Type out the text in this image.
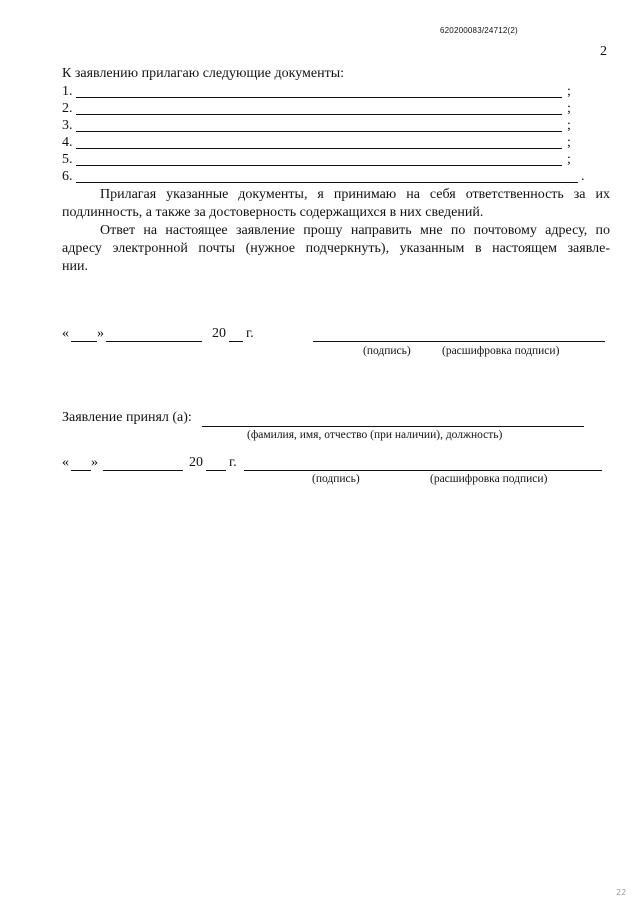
620200083/24712(2)
2
К заявлению прилагаю следующие документы:
1.	;
2.	;
3.	;
4.	;
5.	;
6.	.
Прилагая указанные документы, я принимаю на себя ответственность за их
подлинность, а также за достоверность содержащихся в них сведений.
Ответ на настоящее заявление прошу направить мне по почтовому адресу, по
адресу электронной почты (нужное подчеркнуть), указанным в настоящем заявле-
нии.
« »	20 г.
(подпись)	(расшифровка подписи)
Заявление принял (а):
(фамилия, имя, отчество (при наличии), должность)
« »	20 г.
(подпись)	(расшифровка подписи)
22
